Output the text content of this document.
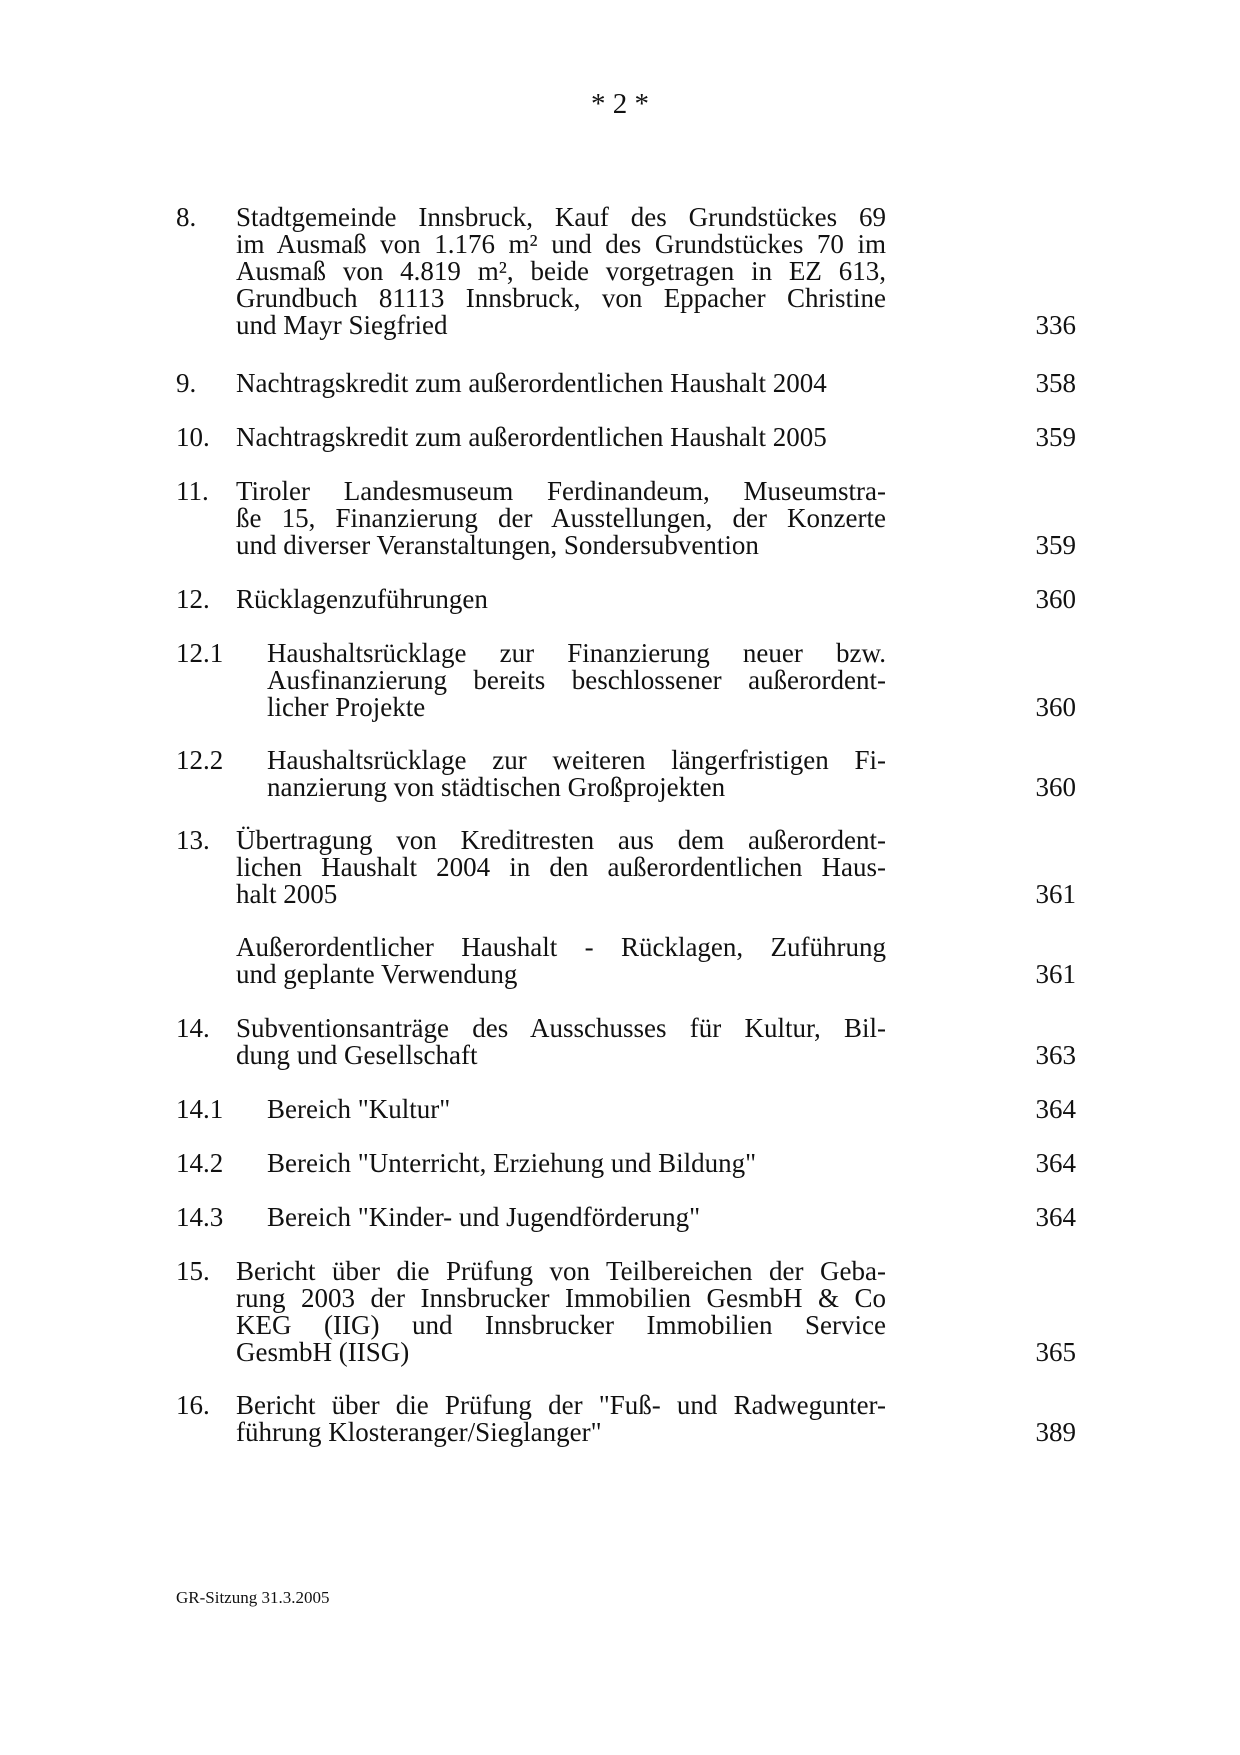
* 2 *
8. Stadtgemeinde Innsbruck, Kauf des Grundstückes 69
im Ausmaß von 1.176 m² und des Grundstückes 70 im
Ausmaß von 4.819 m², beide vorgetragen in EZ 613,
Grundbuch 81113 Innsbruck, von Eppacher Christine
und Mayr Siegfried	336
9. Nachtragskredit zum außerordentlichen Haushalt 2004	358
10. Nachtragskredit zum außerordentlichen Haushalt 2005	359
11. Tiroler Landesmuseum Ferdinandeum, Museumstra-
ße 15, Finanzierung der Ausstellungen, der Konzerte
und diverser Veranstaltungen, Sondersubvention	359
12. Rücklagenzuführungen	360
12.1 Haushaltsrücklage zur Finanzierung neuer bzw.
Ausfinanzierung bereits beschlossener außerordent-
licher Projekte	360
12.2 Haushaltsrücklage zur weiteren längerfristigen Fi-
nanzierung von städtischen Großprojekten	360
13. Übertragung von Kreditresten aus dem außerordent-
lichen Haushalt 2004 in den außerordentlichen Haus-
halt 2005	361
Außerordentlicher Haushalt - Rücklagen, Zuführung
und geplante Verwendung	361
14. Subventionsanträge des Ausschusses für Kultur, Bil-
dung und Gesellschaft	363
14.1 Bereich "Kultur"	364
14.2 Bereich "Unterricht, Erziehung und Bildung"	364
14.3 Bereich "Kinder- und Jugendförderung"	364
15. Bericht über die Prüfung von Teilbereichen der Geba-
rung 2003 der Innsbrucker Immobilien GesmbH & Co
KEG (IIG) und Innsbrucker Immobilien Service
GesmbH (IISG)	365
16. Bericht über die Prüfung der "Fuß- und Radwegunter-
führung Klosteranger/Sieglanger"	389
GR-Sitzung 31.3.2005
